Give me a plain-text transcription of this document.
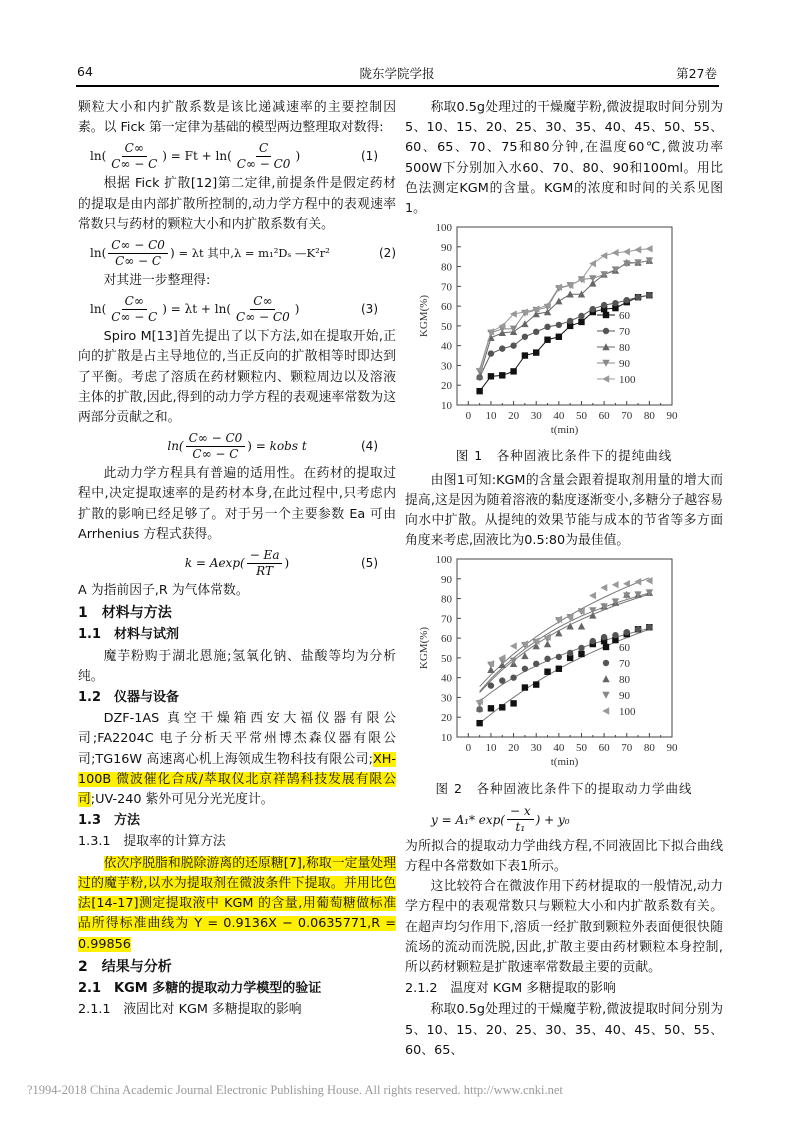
64	陇东学院学报	第27卷

颗粒大小和内扩散系数是该比递减速率的主要控制因素。以 Fick 第一定律为基础的模型两边整理取对数得:

$\ln( \frac{C\infty}{C\infty - C}$ ) = $Ft + \ln( \frac{C}{C\infty - C0}$ )	(1)

根据 Fick 扩散[12]第二定律,前提条件是假定药材的提取是由内部扩散所控制的,动力学方程中的表观速率常数只与药材的颗粒大小和内扩散系数有关。

$\ln( \frac{C\infty - C0}{C\infty - C}$ ) = λt 其中,λ = m₁²Dₛ —K²r²	(2)

对其进一步整理得:

$\ln( \frac{C\infty}{C\infty - C}$ ) = $\lambda t + \ln( \frac{C\infty}{C\infty - C0}$ )	(3)

Spiro M[13]首先提出了以下方法,如在提取开始,正向的扩散是占主导地位的,当正反向的扩散相等时即达到了平衡。考虑了溶质在药材颗粒内、颗粒周边以及溶液主体的扩散,因此,得到的动力学方程的表观速率常数为这两部分贡献之和。

$\ln( \frac{C\infty - C0}{C\infty - C}$ ) = kobs t	(4)

此动力学方程具有普遍的适用性。在药材的提取过程中,决定提取速率的是药材本身,在此过程中,只考虑内扩散的影响已经足够了。对于另一个主要参数 Ea 可由 Arrhenius 方程式获得。

$k = Aexp( \frac{- Ea}{RT}$ )	(5)

A 为指前因子,R 为气体常数。

1　材料与方法
1.1　材料与试剂

魔芋粉购于湖北恩施;氢氧化钠、盐酸等均为分析纯。

1.2　仪器与设备

DZF-1AS 真空干燥箱西安大福仪器有限公司;FA2204C 电子分析天平常州博杰森仪器有限公司;TG16W 高速离心机上海领成生物科技有限公司;XH-100B 微波催化合成/萃取仪北京祥鹄科技发展有限公司;UV-240 紫外可见分光光度计。

1.3　方法
1.3.1　提取率的计算方法

依次序脱脂和脱除游离的还原糖[7],称取一定量处理过的魔芋粉,以水为提取剂在微波条件下提取。并用比色法[14-17]测定提取液中 KGM 的含量,用葡萄糖做标准品所得标准曲线为 Y = 0.9136X − 0.0635771,R = 0.99856

2　结果与分析
2.1　KGM 多糖的提取动力学模型的验证
2.1.1　液固比对 KGM 多糖提取的影响

称取0.5g处理过的干燥魔芋粉,微波提取时间分别为5、10、15、20、25、30、35、40、45、50、55、60、65、70、75和80分钟,在温度60℃,微波功率500W下分别加入水60、70、80、90和100ml。用比色法测定KGM的含量。KGM的浓度和时间的关系见图1。

10
20
30
40
50
60
70
80
90
100
0 10 20 30 40 50 60 70 80 90
t(min)
KGM(%)	60
70
80
90
100
图 1　各种固液比条件下的提纯曲线

由图1可知:KGM的含量会跟着提取剂用量的增大而提高,这是因为随着溶液的黏度逐渐变小,多糖分子越容易向水中扩散。从提纯的效果节能与成本的节省等多方面角度来考虑,固液比为0.5:80为最佳值。

10
20
30
40
50
60
70
80
90
100
0 10 20 30 40 50 60 70 80 90
t(min)
KGM(%)	60
70
80
90
100
图 2　各种固液比条件下的提取动力学曲线
y = A₁* $\exp( \frac{- x}{\text{t₁}}$ ) + y₀

为所拟合的提取动力学曲线方程,不同液固比下拟合曲线方程中各常数如下表1所示。

这比较符合在微波作用下药材提取的一般情况,动力学方程中的表观常数只与颗粒大小和内扩散系数有关。在超声均匀作用下,溶质一经扩散到颗粒外表面便很快随流场的流动而洗脱,因此,扩散主要由药材颗粒本身控制,所以药材颗粒是扩散速率常数最主要的贡献。

2.1.2　温度对 KGM 多糖提取的影响

称取0.5g处理过的干燥魔芋粉,微波提取时间分别为5、10、15、20、25、30、35、40、45、50、55、60、65、

?1994-2018 China Academic Journal Electronic Publishing House. All rights reserved. http://www.cnki.net
